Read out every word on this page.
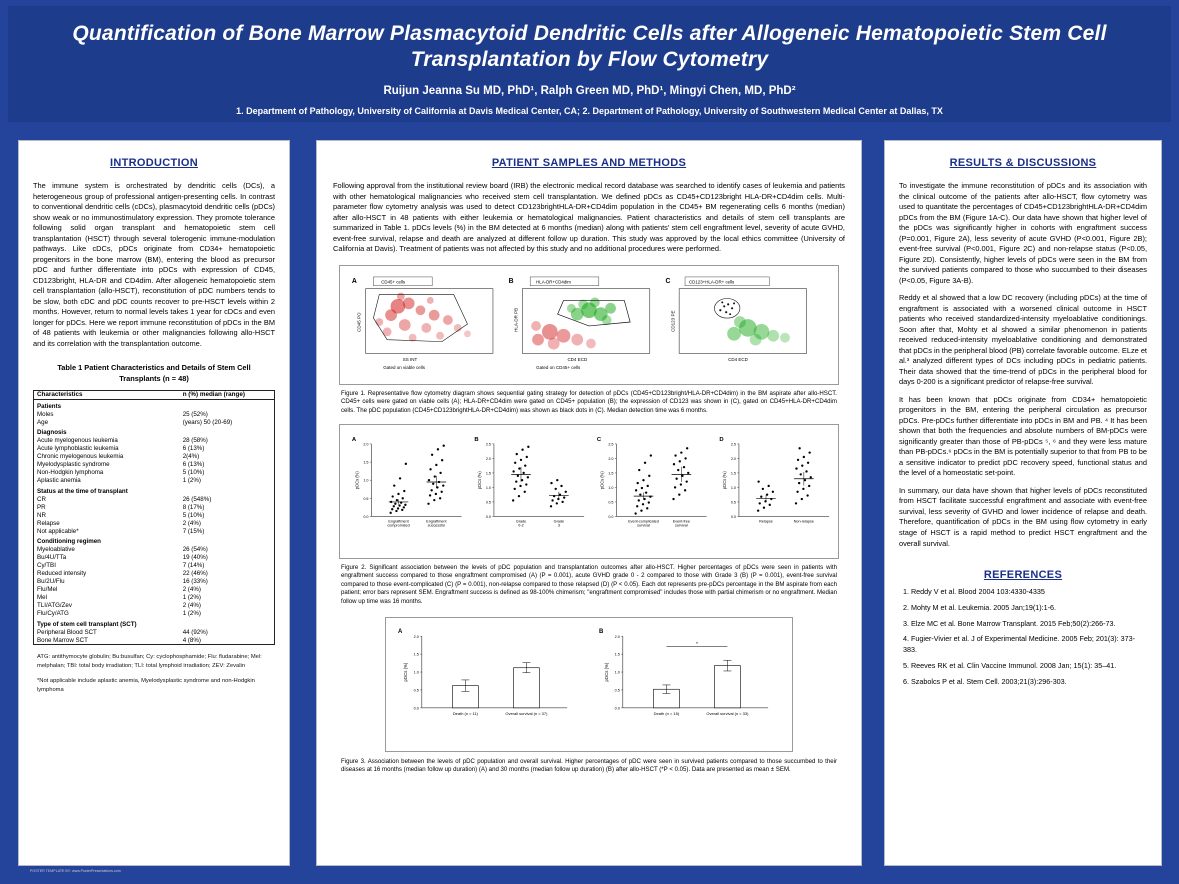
Quantification of Bone Marrow Plasmacytoid Dendritic Cells after Allogeneic Hematopoietic Stem Cell Transplantation by Flow Cytometry
Ruijun Jeanna Su MD, PhD¹, Ralph Green MD, PhD¹, Mingyi Chen, MD, PhD²
1. Department of Pathology, University of California at Davis Medical Center, CA; 2. Department of Pathology, University of Southwestern Medical Center at Dallas, TX
INTRODUCTION
The immune system is orchestrated by dendritic cells (DCs), a heterogeneous group of professional antigen-presenting cells. In contrast to conventional dendritic cells (cDCs), plasmacytoid dendritic cells (pDCs) show weak or no immunostimulatory expression. They promote tolerance following solid organ transplant and hematopoietic stem cell transplantation (HSCT) through several tolerogenic immune-modulation pathways. Like cDCs, pDCs originate from CD34+ hematopoietic progenitors in the bone marrow (BM), entering the blood as precursor pDC and further differentiate into pDCs with expression of CD45, CD123bright, HLA-DR and CD4dim. After allogeneic hematopoietic stem cell transplantation (allo-HSCT), reconstitution of pDC numbers tends to be slow, both cDC and pDC counts recover to pre-HSCT levels within 2 months. However, return to normal levels takes 1 year for cDCs and even longer for pDCs. Here we report immune reconstitution of pDCs in the BM of 48 patients with leukemia or other malignancies following allo-HSCT and its correlation with the transplantation outcome.
Table 1 Patient Characteristics and Details of Stem Cell Transplants (n = 48)
Characteristics	n (%) median (range)
Patients	
Moles	25 (52%)
Age	(years) 50 (20-69)
Diagnosis	
Acute myelogenous leukemia	28 (58%)
Acute lymphoblastic leukemia	6 (13%)
Chronic myelogenous leukemia	2(4%)
Myelodysplastic syndrome	6 (13%)
Non-Hodgkin lymphoma	5 (10%)
Aplastic anemia	1 (2%)
Status at the time of transplant	
CR	26 (548%)
PR	8 (17%)
NR	5 (10%)
Relapse	2 (4%)
Not applicable*	7 (15%)
Conditioning regimen	
Myeloablative	26 (54%)
Bu/4U/TTa	19 (40%)
Cy/TBI	7 (14%)
Reduced intensity	22 (46%)
Bu/2U/Flu	16 (33%)
Flu/Mel	2 (4%)
Mel	1 (2%)
TLI/ATG/Zev	2 (4%)
Flu/Cy/ATG	1 (2%)
Type of stem cell transplant (SCT)	
Peripheral Blood SCT	44 (92%)
Bone Marrow SCT	4 (8%)
ATG: antithymocyte globulin; Bu:busulfan; Cy: cyclophosphamide; Flu: fludarabine; Mel: melphalan; TBI: total body irradiation; TLI: total lymphoid irradiation; ZEV: Zevalin
*Not applicable include aplastic anemia, Myelodysplastic syndrome and non-Hodgkin lymphoma
PATIENT SAMPLES AND METHODS
Following approval from the institutional review board (IRB) the electronic medical record database was searched to identify cases of leukemia and patients with other hematological malignancies who received stem cell transplantation. We defined pDCs as CD45+CD123bright HLA-DR+CD4dim cells. Multi-parameter flow cytometry analysis was used to detect CD123brightHLA-DR+CD4dim population in the CD45+ BM regenerating cells 6 months (median) after allo-HSCT in 48 patients with either leukemia or hematological malignancies. Patient characteristics and details of stem cell transplants are summarized in Table 1. pDCs levels (%) in the BM detected at 6 months (median) along with patients' stem cell engraftment level, severity of acute GVHD, event-free survival, relapse and death are analyzed at different follow up duration. This study was approved by the local ethics committee (University of California at Davis). Treatment of patients was not affected by this study and no additional procedures were performed.
A	CD45+ cells
SS INT
CD45 PO
Gated on viable cells
B	HLA-DR+CD4dim
CD4 ECD
HLA-DR PB
Gated on CD45+ cells
C	CD123+HLA-DR+ cells
CD4 ECD
CD123 PE
Figure 1. Representative flow cytometry diagram shows sequential gating strategy for detection of pDCs (CD45+CD123bright/HLA-DR+CD4dim) in the BM aspirate after allo-HSCT. CD45+ cells were gated on viable cells (A); HLA-DR+CD4dim were gated on CD45+ population (B); the expression of CD123 was shown in (C), gated on CD45+HLA-DR+CD4dim cells. The pDC population (CD45+CD123brightHLA-DR+CD4dim) was shown as black dots in (C). Median detection time was 6 months.
A
0.0
0.5
1.0
1.5
2.0
pDCs (%)
Engraftment
compromised
Engraftment
successful
B
0.0
0.5
1.0
1.5
2.0
2.5
pDCs (%)
Grade
0-2
Grade
3
C
0.0
0.5
1.0
1.5
2.0
2.5
pDCs (%)
Event-complicated
survival
Event-free
survival
D
0.0
0.5
1.0
1.5
2.0
2.5
pDCs (%)
Relapse	Non-relapse
Figure 2. Significant association between the levels of pDC population and transplantation outcomes after allo-HSCT. Higher percentages of pDCs were seen in patients with engraftment success compared to those engraftment compromised (A) (P = 0.001), acute GVHD grade 0 - 2 compared to those with Grade 3 (B) (P = 0.001), event-free survival compared to those event-complicated (C) (P = 0.001), non-relapse compared to those relapsed (D) (P < 0.05). Each dot represents pre-pDCs percentage in the BM aspirate from each patient; error bars represent SEM. Engraftment success is defined as 98-100% chimerism; "engraftment compromised" includes those with partial chimerism or no engraftment. Median follow up time was 16 months.
A
0.0
0.5
1.0
1.5
2.0
pDCs (%)
Death (n = 11)	Overall survival (n = 37)
B
0.0
0.5
1.0
1.5
2.0
pDCs (%)
Death (n = 15)	Overall survival (n = 33)
*
Figure 3. Association between the levels of pDC population and overall survival. Higher percentages of pDC were seen in survived patients compared to those succumbed to their diseases at 16 months (median follow up duration) (A) and 30 months (median follow up duration) (B) after allo-HSCT (*P < 0.05). Data are presented as mean ± SEM.
RESULTS & DISCUSSIONS
To investigate the immune reconstitution of pDCs and its association with the clinical outcome of the patients after allo-HSCT, flow cytometry was used to quantitate the percentages of CD45+CD123brightHLA-DR+CD4dim pDCs from the BM (Figure 1A-C). Our data have shown that higher level of the pDCs was significantly higher in cohorts with engraftment success (P=0.001, Figure 2A), less severity of acute GVHD (P<0.001, Figure 2B); event-free survival (P<0.001, Figure 2C) and non-relapse status (P<0.05, Figure 2D). Consistently, higher levels of pDCs were seen in the BM from the survived patients compared to those who succumbed to their diseases (P<0.05, Figure 3A-B).
Reddy et al showed that a low DC recovery (including pDCs) at the time of engraftment is associated with a worsened clinical outcome in HSCT patients who received standardized-intensity myeloablative conditionings. Soon after that, Mohty et al showed a similar phenomenon in patients received reduced-intensity myeloablative conditioning and demonstrated that pDCs in the peripheral blood (PB) correlate favorable outcome. ELze et al.³ analyzed different types of DCs including pDCs in pediatric patients. Their data showed that the time-trend of pDCs in the peripheral blood for days 0-200 is a significant predictor of relapse-free survival.
It has been known that pDCs originate from CD34+ hematopoietic progenitors in the BM, entering the peripheral circulation as precursor pDCs. Pre-pDCs further differentiate into pDCs in BM and PB. ⁴ It has been shown that both the frequencies and absolute numbers of BM-pDCs were significantly greater than those of PB-pDCs ⁵, ⁶ and they were less mature than PB-pDCs.⁶ pDCs in the BM is potentially superior to that from PB to be a sensitive indicator to predict pDC recovery speed, functional status and the level of a homeostatic set-point.
In summary, our data have shown that higher levels of pDCs reconstituted from HSCT facilitate successful engraftment and associate with event-free survival, less severity of GVHD and lower incidence of relapse and death. Therefore, quantification of pDCs in the BM using flow cytometry in early stage of HSCT is a rapid method to predict HSCT engraftment and the overall survival.
REFERENCES
1. Reddy V et al. Blood 2004 103:4330-4335
2. Mohty M et al. Leukemia. 2005 Jan;19(1):1-6.
3. Elze MC et al. Bone Marrow Transplant. 2015 Feb;50(2):266-73.
4. Fugier-Vivier et al. J of Experimental Medicine. 2005 Feb; 201(3): 373-383.
5. Reeves RK et al. Clin Vaccine Immunol. 2008 Jan; 15(1): 35–41.
6. Szabolcs P et al. Stem Cell. 2003;21(3):296-303.
POSTER TEMPLATE BY: www.PosterPresentations.com
